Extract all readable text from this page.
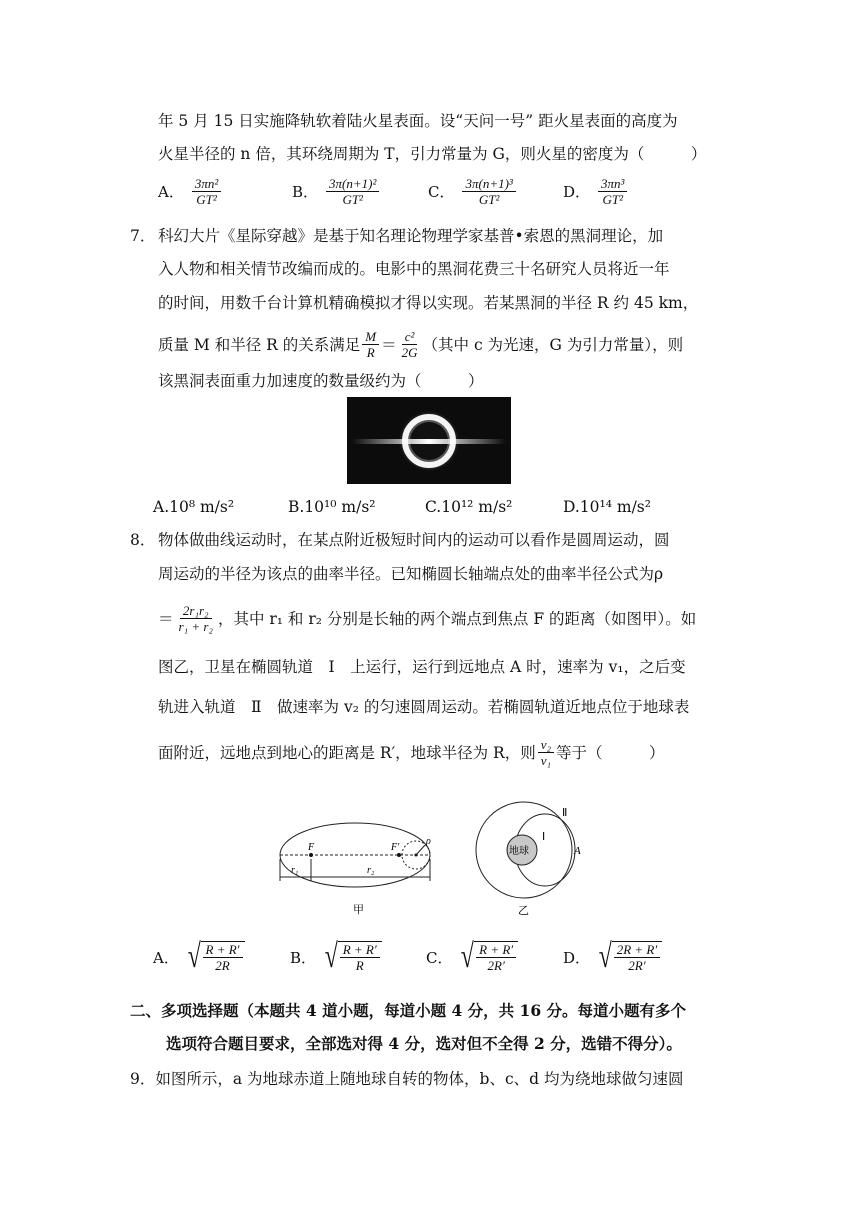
年 5 月 15 日实施降轨软着陆火星表面。设“天问一号” 距火星表面的高度为
火星半径的 n 倍，其环绕周期为 T，引力常量为 G，则火星的密度为（　　　）
A． $\frac{\text{3πn²}}{\text{GT²}}$	B． $\frac{\text{3π(n+1)²}}{\text{GT²}}$	C． $\frac{\text{3π(n+1)³}}{\text{GT²}}$	D． $\frac{\text{3πn³}}{\text{GT²}}$
7． 科幻大片《星际穿越》是基于知名理论物理学家基普•索恩的黑洞理论，加
入人物和相关情节改编而成的。电影中的黑洞花费三十名研究人员将近一年
的时间，用数千台计算机精确模拟才得以实现。若某黑洞的半径 R 约 45 km，
质量 M 和半径 R 的关系满足 $\frac{M}{R} = \frac{\text{c²}}{2G}$ （其中 c 为光速，G 为引力常量），则
该黑洞表面重力加速度的数量级约为（　　　）
A.10⁸ m/s²	B.10¹⁰ m/s²	C.10¹² m/s²	D.10¹⁴ m/s²
8． 物体做曲线运动时，在某点附近极短时间内的运动可以看作是圆周运动，圆
周运动的半径为该点的曲率半径。已知椭圆长轴端点处的曲率半径公式为ρ
＝ $\frac{\text{2r₁r₂}}{\text{r₁ + r₂}}$ ，其中 r₁ 和 r₂ 分别是长轴的两个端点到焦点 F 的距离（如图甲）。如
图乙，卫星在椭圆轨道　Ⅰ　上运行，运行到远地点 A 时，速率为 v₁，之后变
轨进入轨道　Ⅱ　做速率为 v₂ 的匀速圆周运动。若椭圆轨道近地点位于地球表
面附近，远地点到地心的距离是 R′，地球半径为 R，则 $\frac{\text{v₂}}{\text{v₁}}$ 等于（　　　）
F	F′
ρ
r₁	r₂
甲
地球
Ⅰ
Ⅱ
A
乙
A． √ $\frac{R + R'}{2R}$	B． √ $\frac{R + R'}{R}$	C． √ $\frac{R + R'}{2R'}$	D． √ $\frac{2R + R'}{2R'}$
二、多项选择题（本题共 4 道小题，每道小题 4 分，共 16 分。每道小题有多个
选项符合题目要求，全部选对得 4 分，选对但不全得 2 分，选错不得分）。
9．如图所示，a 为地球赤道上随地球自转的物体，b、c、d 均为绕地球做匀速圆
